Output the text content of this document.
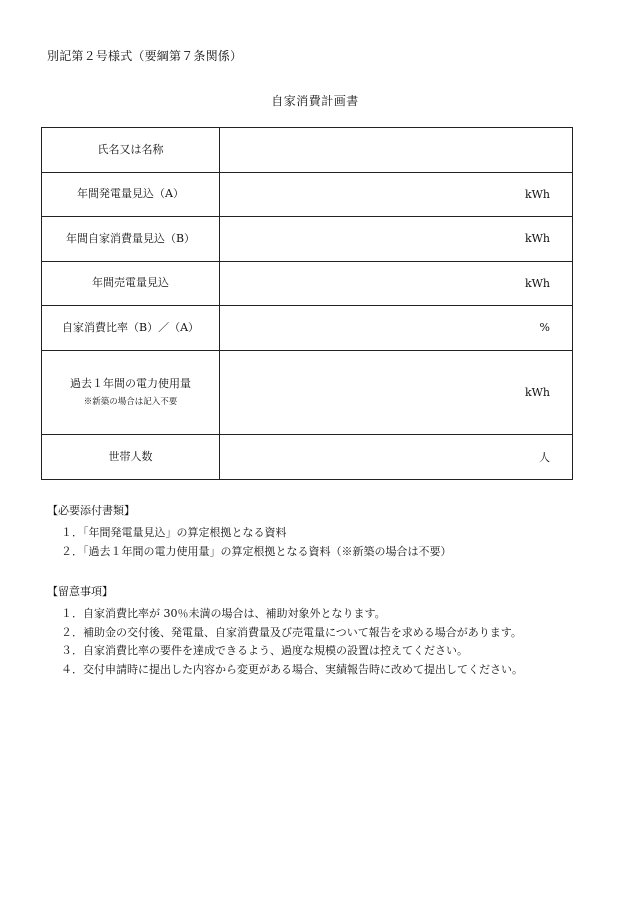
別記第２号様式（要綱第７条関係）
自家消費計画書
氏名又は名称	
年間発電量見込（A）	kWh
年間自家消費量見込（B）	kWh
年間売電量見込	kWh
自家消費比率（B）／（A）	%
過去１年間の電力使用量
※新築の場合は記入不要	kWh
世帯人数	人
【必要添付書類】
１．「年間発電量見込」の算定根拠となる資料
２．「過去１年間の電力使用量」の算定根拠となる資料（※新築の場合は不要）
【留意事項】
１．自家消費比率が 30％未満の場合は、補助対象外となります。
２．補助金の交付後、発電量、自家消費量及び売電量について報告を求める場合があります。
３．自家消費比率の要件を達成できるよう、過度な規模の設置は控えてください。
４．交付申請時に提出した内容から変更がある場合、実績報告時に改めて提出してください。
